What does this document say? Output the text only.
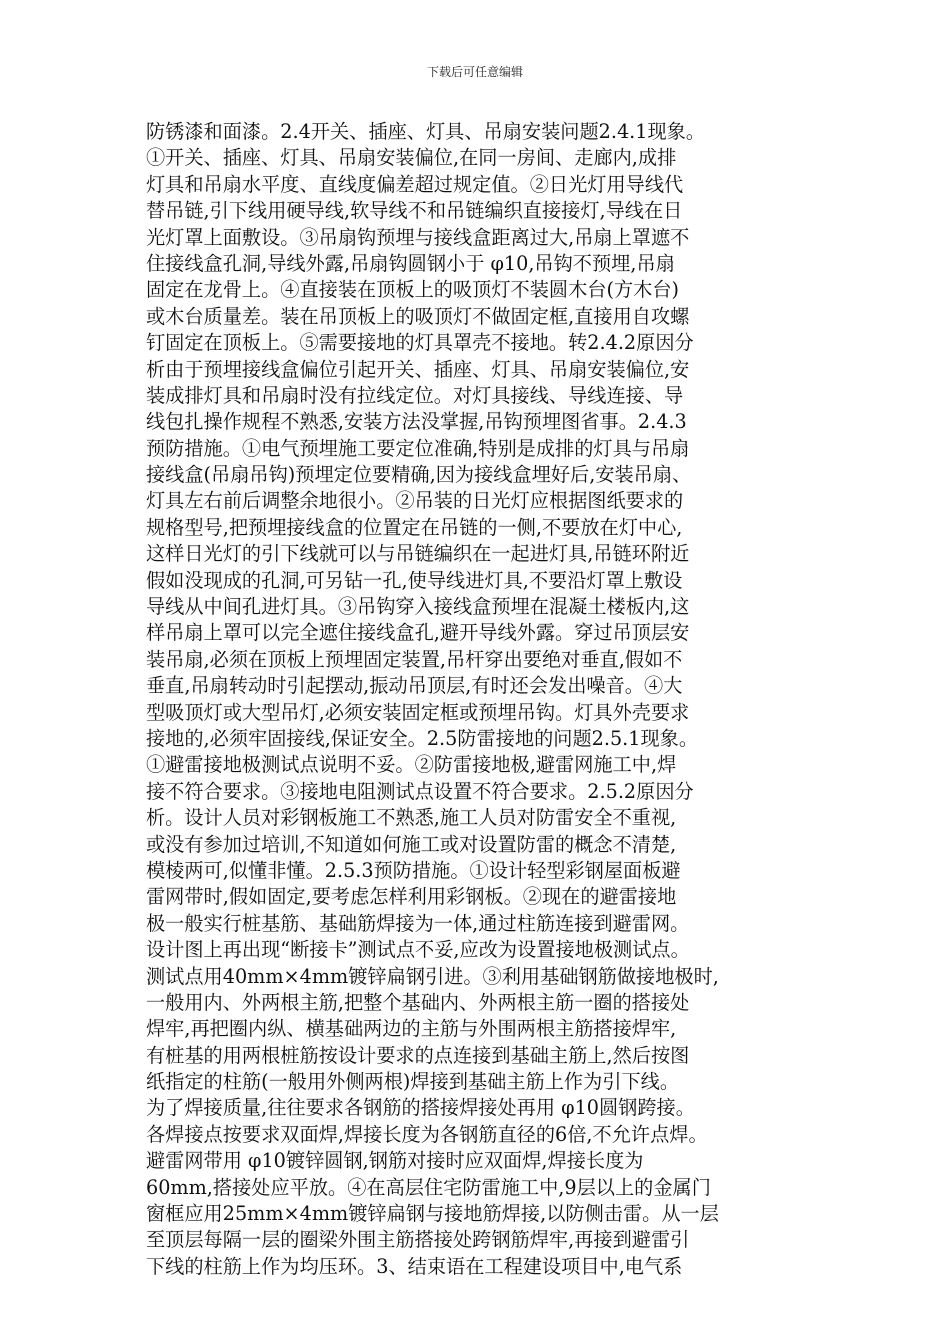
下载后可任意编辑
防锈漆和面漆。2.4开关、插座、灯具、吊扇安装问题2.4.1现象。
①开关、插座、灯具、吊扇安装偏位,在同一房间、走廊内,成排
灯具和吊扇水平度、直线度偏差超过规定值。②日光灯用导线代
替吊链,引下线用硬导线,软导线不和吊链编织直接接灯,导线在日
光灯罩上面敷设。③吊扇钩预埋与接线盒距离过大,吊扇上罩遮不
住接线盒孔洞,导线外露,吊扇钩圆钢小于 φ10,吊钩不预埋,吊扇
固定在龙骨上。④直接装在顶板上的吸顶灯不装圆木台(方木台)
或木台质量差。装在吊顶板上的吸顶灯不做固定框,直接用自攻螺
钉固定在顶板上。⑤需要接地的灯具罩壳不接地。转2.4.2原因分
析由于预埋接线盒偏位引起开关、插座、灯具、吊扇安装偏位,安
装成排灯具和吊扇时没有拉线定位。对灯具接线、导线连接、导
线包扎操作规程不熟悉,安装方法没掌握,吊钩预埋图省事。2.4.3
预防措施。①电气预埋施工要定位准确,特别是成排的灯具与吊扇
接线盒(吊扇吊钩)预埋定位要精确,因为接线盒埋好后,安装吊扇、
灯具左右前后调整余地很小。②吊装的日光灯应根据图纸要求的
规格型号,把预埋接线盒的位置定在吊链的一侧,不要放在灯中心,
这样日光灯的引下线就可以与吊链编织在一起进灯具,吊链环附近
假如没现成的孔洞,可另钻一孔,使导线进灯具,不要沿灯罩上敷设
导线从中间孔进灯具。③吊钩穿入接线盒预埋在混凝土楼板内,这
样吊扇上罩可以完全遮住接线盒孔,避开导线外露。穿过吊顶层安
装吊扇,必须在顶板上预埋固定装置,吊杆穿出要绝对垂直,假如不
垂直,吊扇转动时引起摆动,振动吊顶层,有时还会发出噪音。④大
型吸顶灯或大型吊灯,必须安装固定框或预埋吊钩。灯具外壳要求
接地的,必须牢固接线,保证安全。2.5防雷接地的问题2.5.1现象。
①避雷接地极测试点说明不妥。②防雷接地极,避雷网施工中,焊
接不符合要求。③接地电阻测试点设置不符合要求。2.5.2原因分
析。设计人员对彩钢板施工不熟悉,施工人员对防雷安全不重视,
或没有参加过培训,不知道如何施工或对设置防雷的概念不清楚,
模棱两可,似懂非懂。2.5.3预防措施。①设计轻型彩钢屋面板避
雷网带时,假如固定,要考虑怎样利用彩钢板。②现在的避雷接地
极一般实行桩基筋、基础筋焊接为一体,通过柱筋连接到避雷网。
设计图上再出现“断接卡”测试点不妥,应改为设置接地极测试点。
测试点用40mm×4mm镀锌扁钢引进。③利用基础钢筋做接地极时,
一般用内、外两根主筋,把整个基础内、外两根主筋一圈的搭接处
焊牢,再把圈内纵、横基础两边的主筋与外围两根主筋搭接焊牢,
有桩基的用两根桩筋按设计要求的点连接到基础主筋上,然后按图
纸指定的柱筋(一般用外侧两根)焊接到基础主筋上作为引下线。
为了焊接质量,往往要求各钢筋的搭接焊接处再用 φ10圆钢跨接。
各焊接点按要求双面焊,焊接长度为各钢筋直径的6倍,不允许点焊。
避雷网带用 φ10镀锌圆钢,钢筋对接时应双面焊,焊接长度为
60mm,搭接处应平放。④在高层住宅防雷施工中,9层以上的金属门
窗框应用25mm×4mm镀锌扁钢与接地筋焊接,以防侧击雷。从一层
至顶层每隔一层的圈梁外围主筋搭接处跨钢筋焊牢,再接到避雷引
下线的柱筋上作为均压环。3、结束语在工程建设项目中,电气系
